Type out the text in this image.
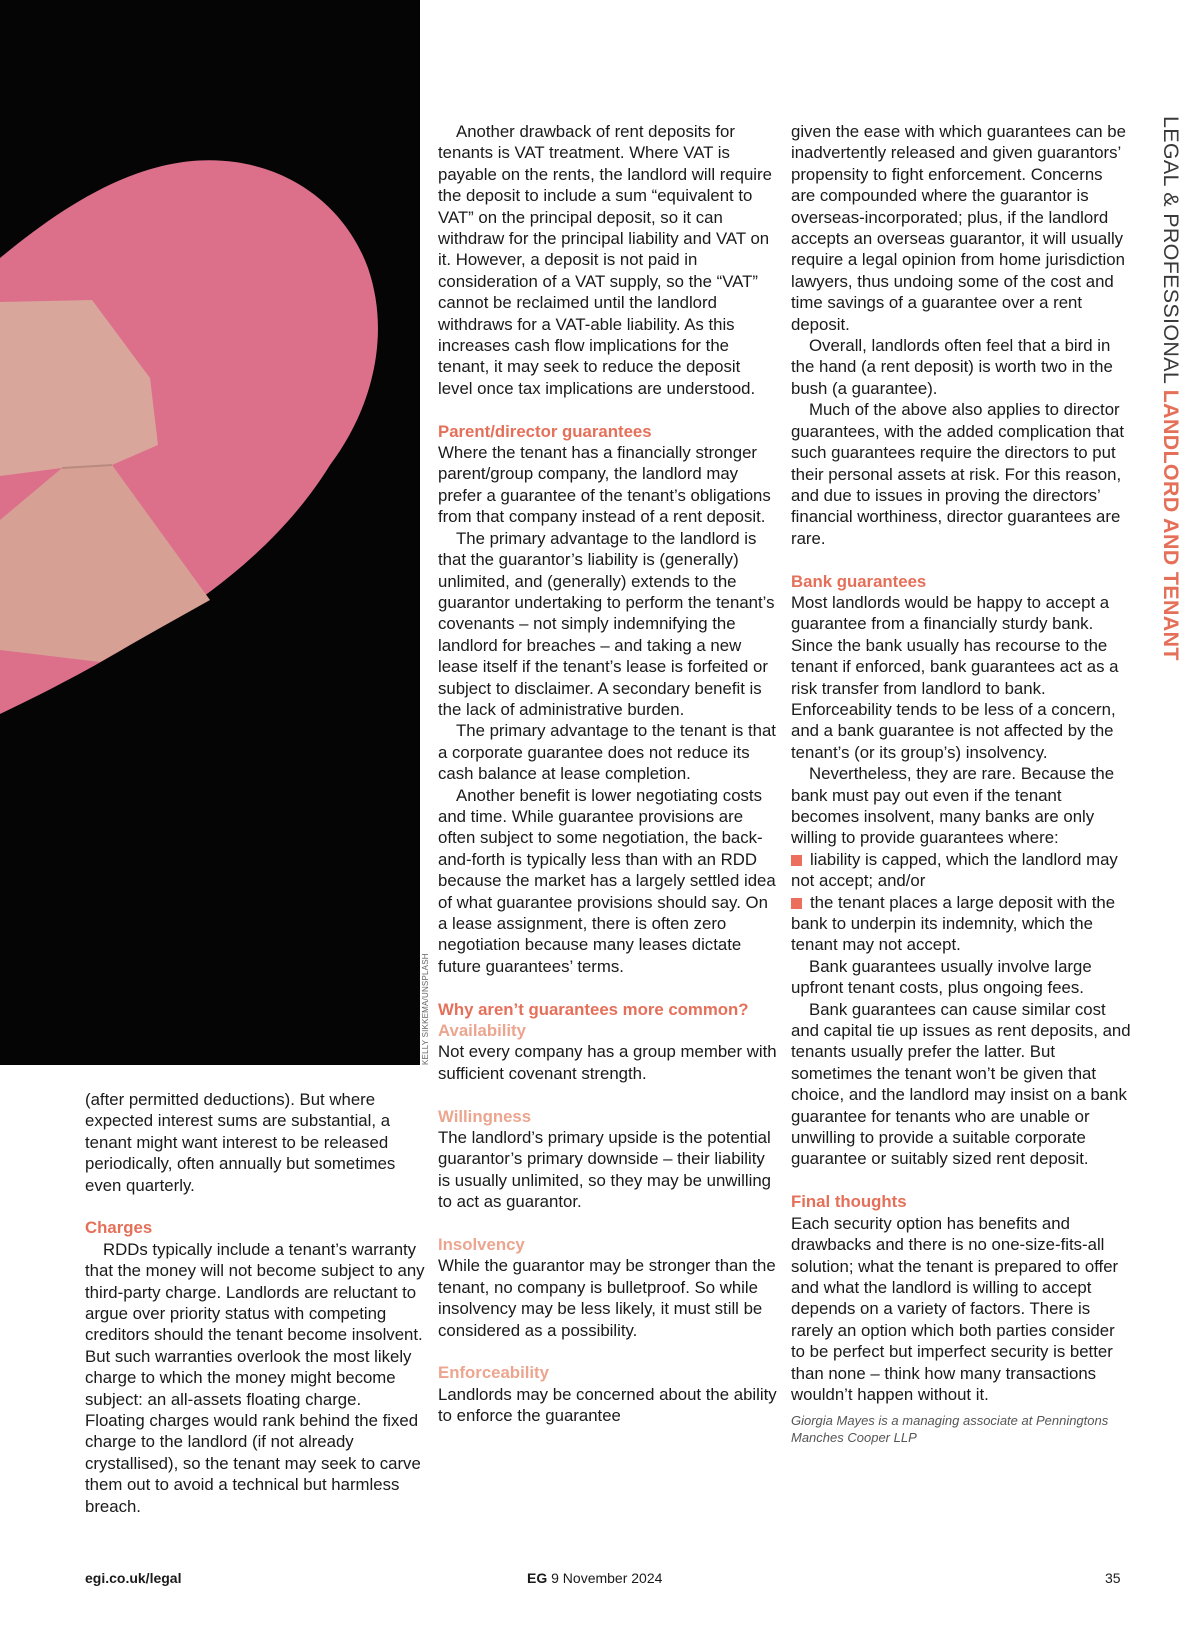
KELLY SIKKEMA/UNSPLASH

(after permitted deductions). But where expected interest sums are substantial, a tenant might want interest to be released periodically, often annually but sometimes even quarterly.

Charges

RDDs typically include a tenant’s warranty that the money will not become subject to any third-party charge. Landlords are reluctant to argue over priority status with competing creditors should the tenant become insolvent. But such warranties overlook the most likely charge to which the money might become subject: an all-assets floating charge. Floating charges would rank behind the fixed charge to the landlord (if not already crystallised), so the tenant may seek to carve them out to avoid a technical but harmless breach.

Another drawback of rent deposits for tenants is VAT treatment. Where VAT is payable on the rents, the landlord will require the deposit to include a sum “equivalent to VAT” on the principal deposit, so it can withdraw for the principal liability and VAT on it. However, a deposit is not paid in consideration of a VAT supply, so the “VAT” cannot be reclaimed until the landlord withdraws for a VAT-able liability. As this increases cash flow implications for the tenant, it may seek to reduce the deposit level once tax implications are understood.

Parent/director guarantees

Where the tenant has a financially stronger parent/group company, the landlord may prefer a guarantee of the tenant’s obligations from that company instead of a rent deposit.

The primary advantage to the landlord is that the guarantor’s liability is (generally) unlimited, and (generally) extends to the guarantor undertaking to perform the tenant’s covenants – not simply indemnifying the landlord for breaches – and taking a new lease itself if the tenant’s lease is forfeited or subject to disclaimer. A secondary benefit is the lack of administrative burden.

The primary advantage to the tenant is that a corporate guarantee does not reduce its cash balance at lease completion.

Another benefit is lower negotiating costs and time. While guarantee provisions are often subject to some negotiation, the back-and-forth is typically less than with an RDD because the market has a largely settled idea of what guarantee provisions should say. On a lease assignment, there is often zero negotiation because many leases dictate future guarantees’ terms.

Why aren’t guarantees more common?
Availability

Not every company has a group member with sufficient covenant strength.

Willingness

The landlord’s primary upside is the potential guarantor’s primary downside – their liability is usually unlimited, so they may be unwilling to act as guarantor.

Insolvency

While the guarantor may be stronger than the tenant, no company is bulletproof. So while insolvency may be less likely, it must still be considered as a possibility.

Enforceability

Landlords may be concerned about the ability to enforce the guarantee

given the ease with which guarantees can be inadvertently released and given guarantors’ propensity to fight enforcement. Concerns are compounded where the guarantor is overseas-incorporated; plus, if the landlord accepts an overseas guarantor, it will usually require a legal opinion from home jurisdiction lawyers, thus undoing some of the cost and time savings of a guarantee over a rent deposit.

Overall, landlords often feel that a bird in the hand (a rent deposit) is worth two in the bush (a guarantee).

Much of the above also applies to director guarantees, with the added complication that such guarantees require the directors to put their personal assets at risk. For this reason, and due to issues in proving the directors’ financial worthiness, director guarantees are rare.

Bank guarantees

Most landlords would be happy to accept a guarantee from a financially sturdy bank. Since the bank usually has recourse to the tenant if enforced, bank guarantees act as a risk transfer from landlord to bank. Enforceability tends to be less of a concern, and a bank guarantee is not affected by the tenant’s (or its group’s) insolvency.

Nevertheless, they are rare. Because the bank must pay out even if the tenant becomes insolvent, many banks are only willing to provide guarantees where:

liability is capped, which the landlord may not accept; and/or

the tenant places a large deposit with the bank to underpin its indemnity, which the tenant may not accept.

Bank guarantees usually involve large upfront tenant costs, plus ongoing fees.

Bank guarantees can cause similar cost and capital tie up issues as rent deposits, and tenants usually prefer the latter. But sometimes the tenant won’t be given that choice, and the landlord may insist on a bank guarantee for tenants who are unable or unwilling to provide a suitable corporate guarantee or suitably sized rent deposit.

Final thoughts

Each security option has benefits and drawbacks and there is no one-size-fits-all solution; what the tenant is prepared to offer and what the landlord is willing to accept depends on a variety of factors. There is rarely an option which both parties consider to be perfect but imperfect security is better than none – think how many transactions wouldn’t happen without it.

Giorgia Mayes is a managing associate at Penningtons Manches Cooper LLP

LEGAL & PROFESSIONAL LANDLORD AND TENANT
egi.co.uk/legal	EG 9 November 2024	35
